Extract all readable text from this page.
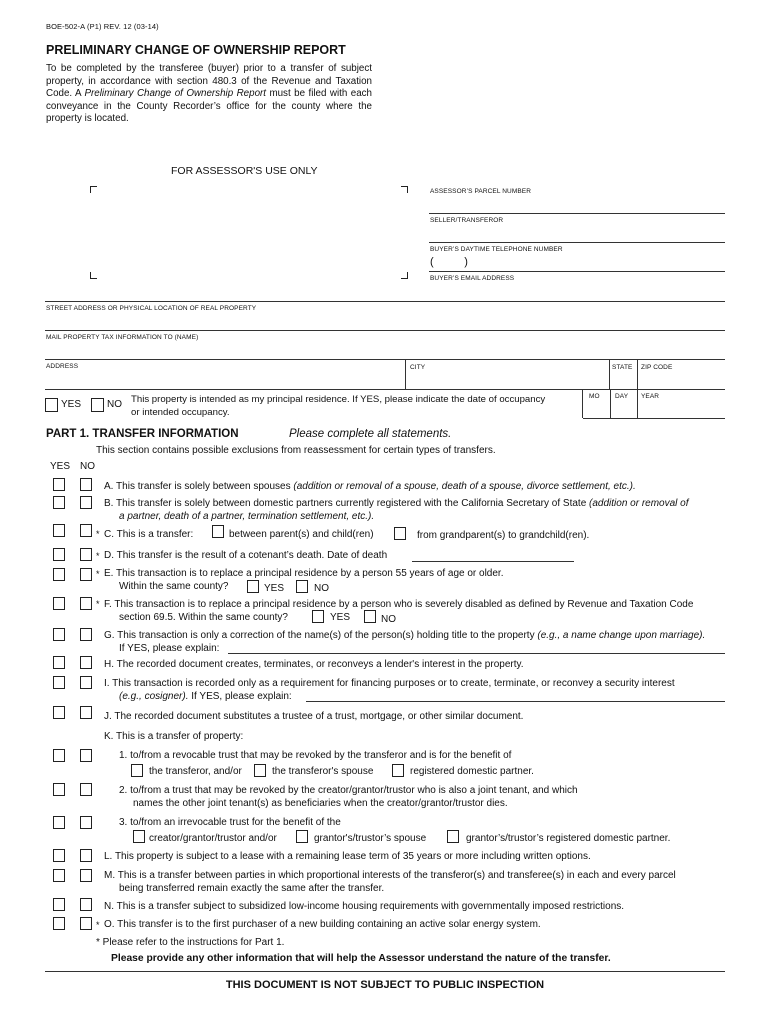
BOE-502-A (P1) REV. 12 (03-14)
PRELIMINARY CHANGE OF OWNERSHIP REPORT
To be completed by the transferee (buyer) prior to a transfer of subject property, in accordance with section 480.3 of the Revenue and Taxation Code. A Preliminary Change of Ownership Report must be filed with each conveyance in the County Recorder’s office for the county where the property is located.
FOR ASSESSOR'S USE ONLY
ASSESSOR’S PARCEL NUMBER
SELLER/TRANSFEROR
BUYER’S DAYTIME TELEPHONE NUMBER
(          )
BUYER’S EMAIL ADDRESS
STREET ADDRESS OR PHYSICAL LOCATION OF REAL PROPERTY
MAIL PROPERTY TAX INFORMATION TO (NAME)
ADDRESS	CITY	STATE ZIP CODE
YES	NO This property is intended as my principal residence. If YES, please indicate the date of occupancy
or intended occupancy.
MO DAY YEAR
PART 1. TRANSFER INFORMATION	Please complete all statements.
This section contains possible exclusions from reassessment for certain types of transfers.
YES NO
A. This transfer is solely between spouses (addition or removal of a spouse, death of a spouse, divorce settlement, etc.).
B. This transfer is solely between domestic partners currently registered with the California Secretary of State (addition or removal of
a partner, death of a partner, termination settlement, etc.).
* C. This is a transfer:	between parent(s) and child(ren)	from grandparent(s) to grandchild(ren).
* D. This transfer is the result of a cotenant’s death. Date of death
* E. This transaction is to replace a principal residence by a person 55 years of age or older.
Within the same county?	YES	NO
* F. This transaction is to replace a principal residence by a person who is severely disabled as defined by Revenue and Taxation Code
section 69.5. Within the same county?	YES	NO
G. This transaction is only a correction of the name(s) of the person(s) holding title to the property (e.g., a name change upon marriage).
If YES, please explain:
H. The recorded document creates, terminates, or reconveys a lender's interest in the property.
I. This transaction is recorded only as a requirement for financing purposes or to create, terminate, or reconvey a security interest
(e.g., cosigner). If YES, please explain:
J. The recorded document substitutes a trustee of a trust, mortgage, or other similar document.
K. This is a transfer of property:
1. to/from a revocable trust that may be revoked by the transferor and is for the benefit of
the transferor, and/or	the transferor's spouse	registered domestic partner.
2. to/from a trust that may be revoked by the creator/grantor/trustor who is also a joint tenant, and which
names the other joint tenant(s) as beneficiaries when the creator/grantor/trustor dies.
3. to/from an irrevocable trust for the benefit of the
creator/grantor/trustor and/or	grantor's/trustor’s spouse	grantor’s/trustor’s registered domestic partner.
L. This property is subject to a lease with a remaining lease term of 35 years or more including written options.
M. This is a transfer between parties in which proportional interests of the transferor(s) and transferee(s) in each and every parcel
being transferred remain exactly the same after the transfer.
N. This is a transfer subject to subsidized low-income housing requirements with governmentally imposed restrictions.
* O. This transfer is to the first purchaser of a new building containing an active solar energy system.
* Please refer to the instructions for Part 1.
Please provide any other information that will help the Assessor understand the nature of the transfer.
THIS DOCUMENT IS NOT SUBJECT TO PUBLIC INSPECTION
